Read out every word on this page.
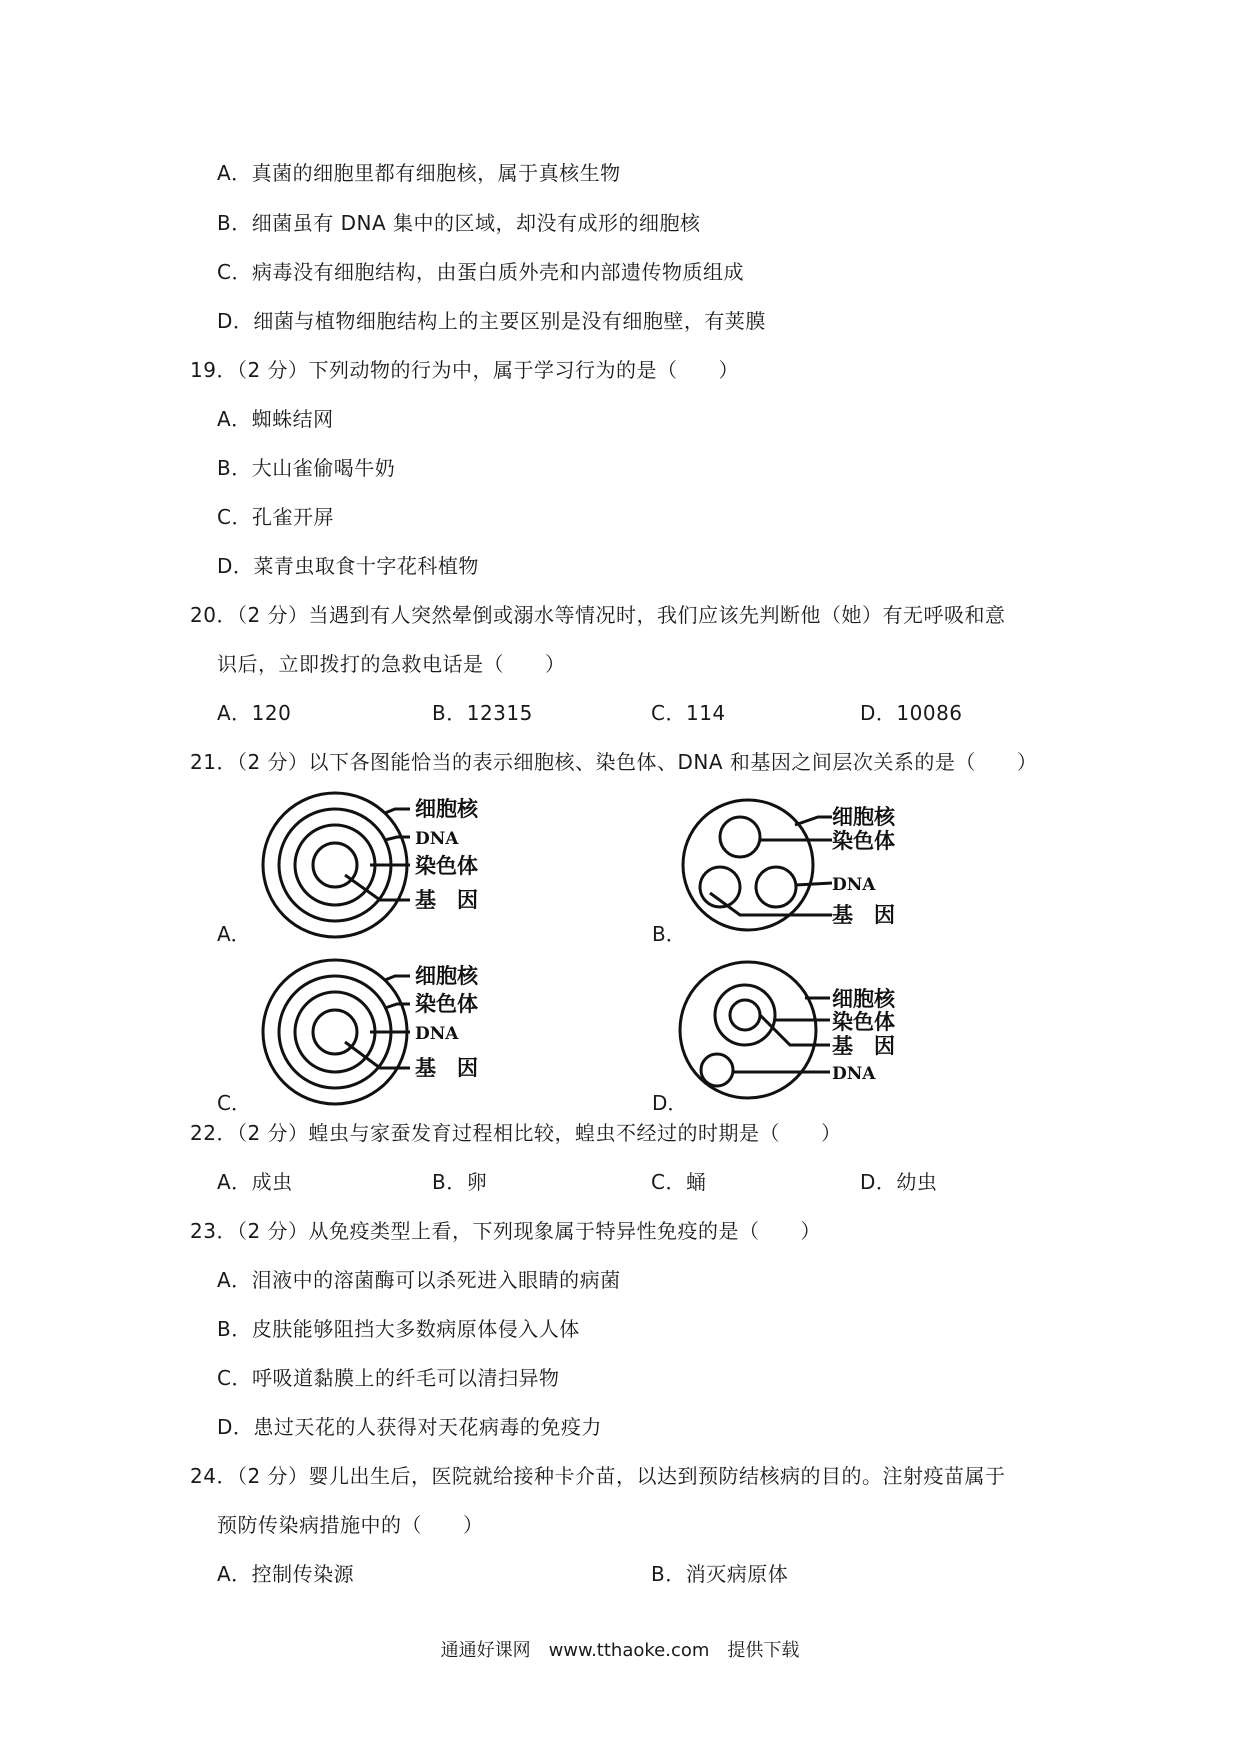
A．真菌的细胞里都有细胞核，属于真核生物
B．细菌虽有 DNA 集中的区域，却没有成形的细胞核
C．病毒没有细胞结构，由蛋白质外壳和内部遗传物质组成
D．细菌与植物细胞结构上的主要区别是没有细胞壁，有荚膜
19．（2 分）下列动物的行为中，属于学习行为的是（　　）
A．蜘蛛结网
B．大山雀偷喝牛奶
C．孔雀开屏
D．菜青虫取食十字花科植物
20．（2 分）当遇到有人突然晕倒或溺水等情况时，我们应该先判断他（她）有无呼吸和意
识后，立即拨打的急救电话是（　　）
A．120	B．12315	C．114	D．10086
21．（2 分）以下各图能恰当的表示细胞核、染色体、DNA 和基因之间层次关系的是（　　）
A．
细胞核
DNA
染色体
基　因
B．
细胞核
染色体
DNA
基　因
C．
细胞核
染色体
DNA
基　因
D．
细胞核
染色体
基　因
DNA
22．（2 分）蝗虫与家蚕发育过程相比较，蝗虫不经过的时期是（　　）
A．成虫	B．卵	C．蛹	D．幼虫
23．（2 分）从免疫类型上看，下列现象属于特异性免疫的是（　　）
A．泪液中的溶菌酶可以杀死进入眼睛的病菌
B．皮肤能够阻挡大多数病原体侵入人体
C．呼吸道黏膜上的纤毛可以清扫异物
D．患过天花的人获得对天花病毒的免疫力
24．（2 分）婴儿出生后，医院就给接种卡介苗，以达到预防结核病的目的。注射疫苗属于
预防传染病措施中的（　　）
A．控制传染源	B．消灭病原体
通通好课网　www.tthaoke.com　提供下载
